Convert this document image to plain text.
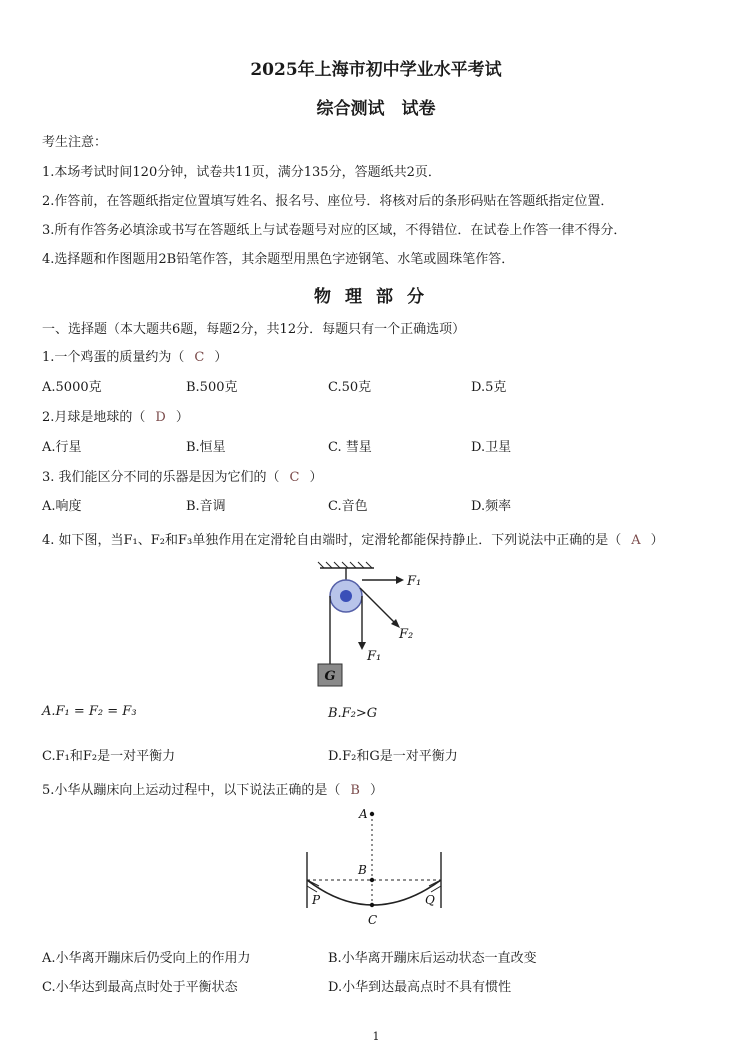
2025年上海市初中学业水平考试
综合测试　试卷
考生注意：
1.本场考试时间120分钟，试卷共11页，满分135分，答题纸共2页．
2.作答前，在答题纸指定位置填写姓名、报名号、座位号．将核对后的条形码贴在答题纸指定位置．
3.所有作答务必填涂或书写在答题纸上与试卷题号对应的区域，不得错位．在试卷上作答一律不得分．
4.选择题和作图题用2B铅笔作答，其余题型用黑色字迹钢笔、水笔或圆珠笔作答．
物理部分
一、选择题（本大题共6题，每题2分，共12分．每题只有一个正确选项）
1.一个鸡蛋的质量约为（ C ）
A.5000克	B.500克	C.50克	D.5克
2.月球是地球的（ D ）
A.行星	B.恒星	C. 彗星	D.卫星
3. 我们能区分不同的乐器是因为它们的（ C ）
A.响度	B.音调	C.音色	D.频率
4. 如下图，当F₁、F₂和F₃单独作用在定滑轮自由端时，定滑轮都能保持静止．下列说法中正确的是（ A ）
G
F₁
F₂
F₁
A.F₁ = F₂ = F₃	B.F₂>G
C.F₁和F₂是一对平衡力	D.F₂和G是一对平衡力
5.小华从蹦床向上运动过程中，以下说法正确的是（ B ）
A
B
C
P	Q
A.小华离开蹦床后仍受向上的作用力	B.小华离开蹦床后运动状态一直改变
C.小华达到最高点时处于平衡状态	D.小华到达最高点时不具有惯性
1
